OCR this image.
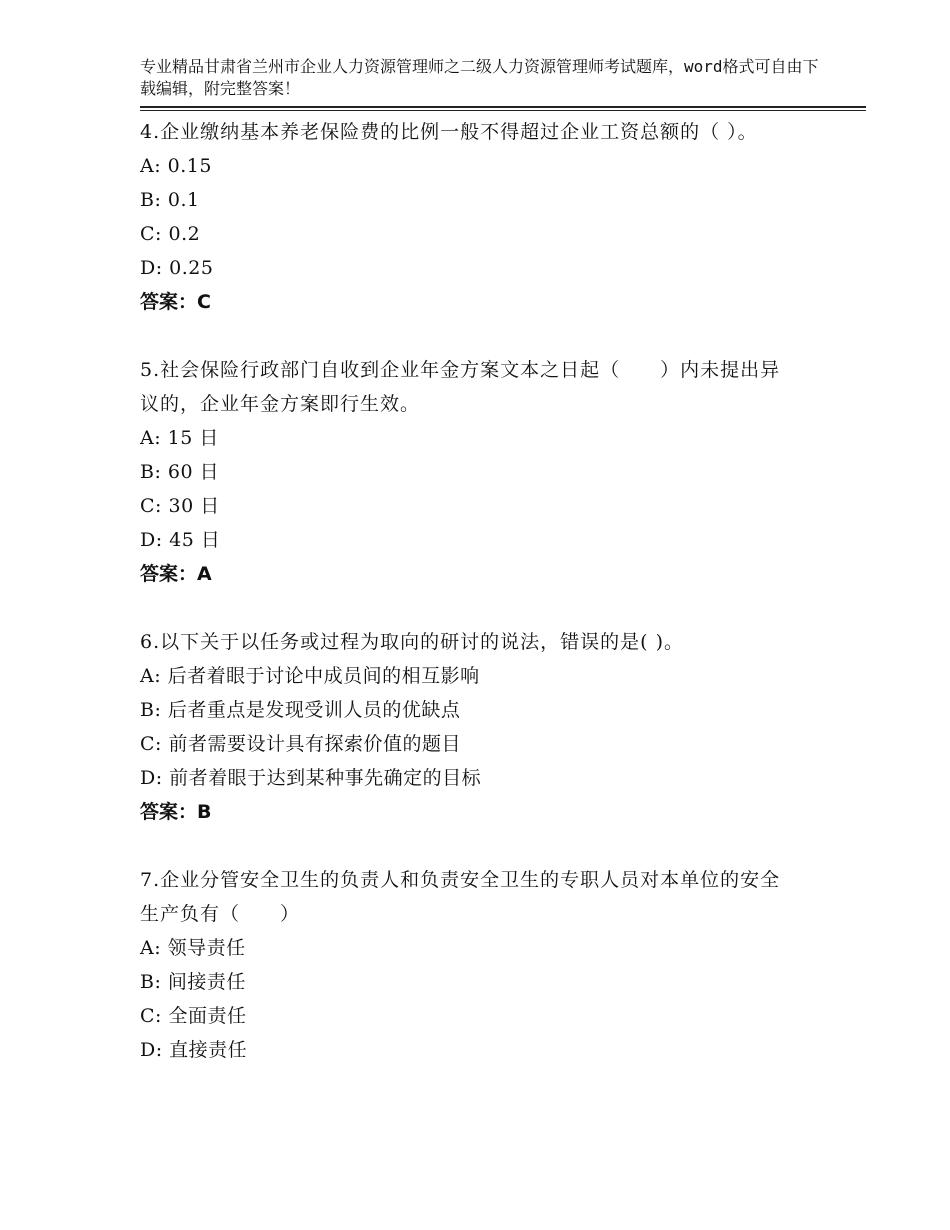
专业精品甘肃省兰州市企业人力资源管理师之二级人力资源管理师考试题库，word格式可自由下载编辑，附完整答案！
4.企业缴纳基本养老保险费的比例一般不得超过企业工资总额的（ ）。
A: 0.15
B: 0.1
C: 0.2
D: 0.25
答案：C
5.社会保险行政部门自收到企业年金方案文本之日起（　　）内未提出异议的，企业年金方案即行生效。
A: 15 日
B: 60 日
C: 30 日
D: 45 日
答案：A
6.以下关于以任务或过程为取向的研讨的说法，错误的是( )。
A: 后者着眼于讨论中成员间的相互影响
B: 后者重点是发现受训人员的优缺点
C: 前者需要设计具有探索价值的题目
D: 前者着眼于达到某种事先确定的目标
答案：B
7.企业分管安全卫生的负责人和负责安全卫生的专职人员对本单位的安全生产负有（　　）
A: 领导责任
B: 间接责任
C: 全面责任
D: 直接责任
